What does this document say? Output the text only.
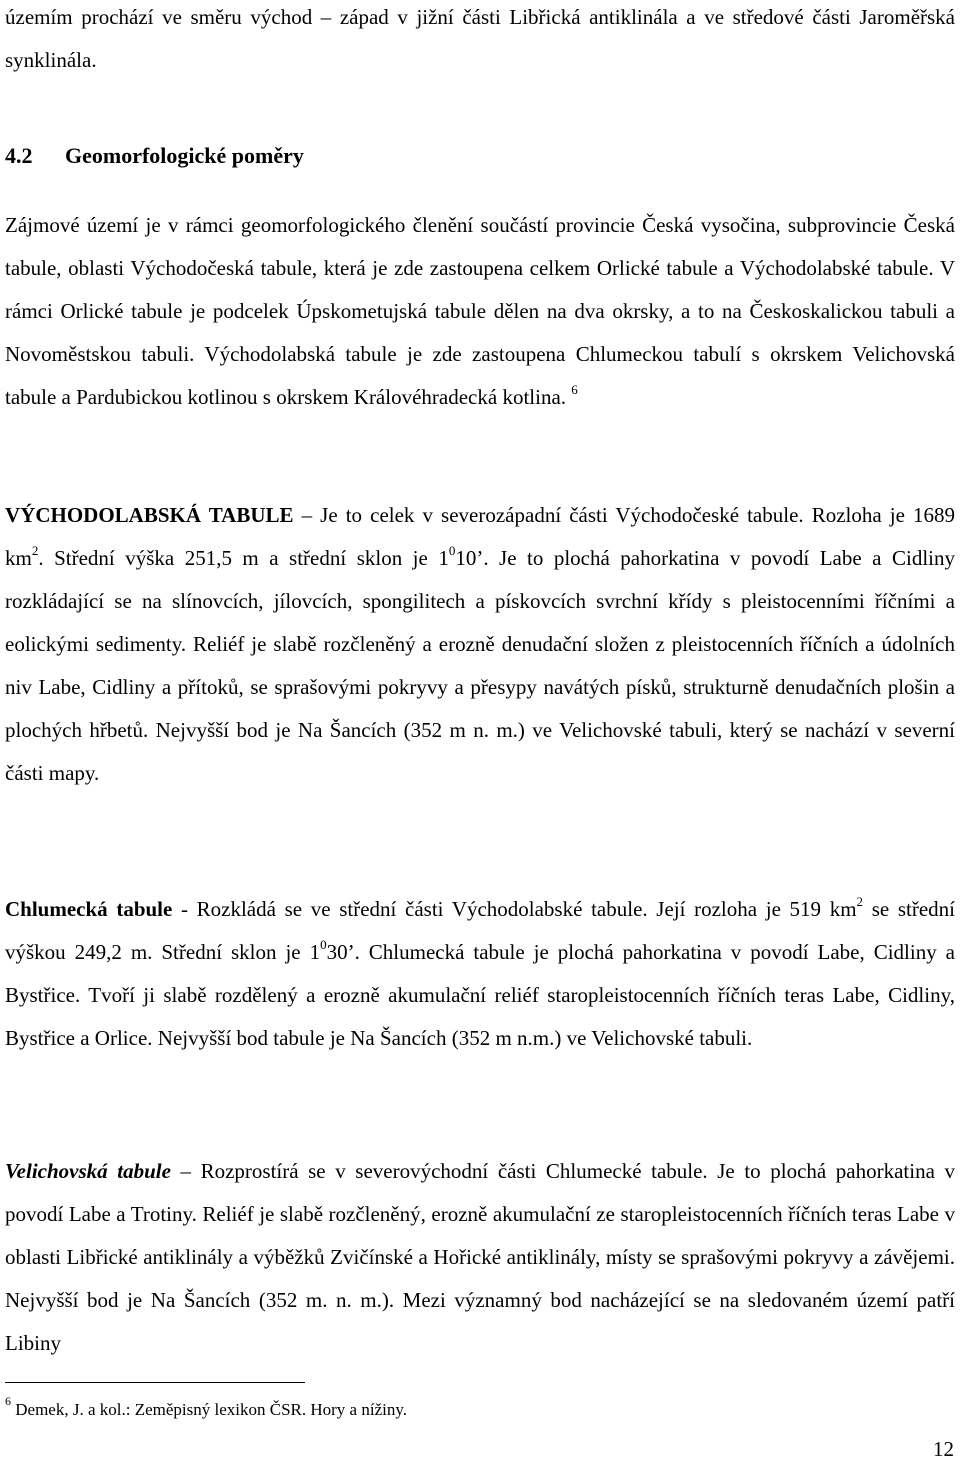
územím prochází ve směru východ – západ v jižní části Libřická antiklinála a ve středové části Jaroměřská synklinála.

4.2 Geomorfologické poměry

Zájmové území je v rámci geomorfologického členění součástí provincie Česká vysočina, subprovincie Česká tabule, oblasti Východočeská tabule, která je zde zastoupena celkem Orlické tabule a Východolabské tabule. V rámci Orlické tabule je podcelek Úpskometujská tabule dělen na dva okrsky, a to na Českoskalickou tabuli a Novoměstskou tabuli. Východolabská tabule je zde zastoupena Chlumeckou tabulí s okrskem Velichovská tabule a Pardubickou kotlinou s okrskem Královéhradecká kotlina. $^6$

VÝCHODOLABSKÁ TABULE – Je to celek v severozápadní části Východočeské tabule. Rozloha je 1689 $km^2$. Střední výška 251,5 m a střední sklon je $1^010$’. Je to plochá pahorkatina v povodí Labe a Cidliny rozkládající se na slínovcích, jílovcích, spongilitech a pískovcích svrchní křídy s pleistocenními říčními a eolickými sedimenty. Reliéf je slabě rozčleněný a erozně denudační složen z pleistocenních říčních a údolních niv Labe, Cidliny a přítoků, se sprašovými pokryvy a přesypy navátých písků, strukturně denudačních plošin a plochých hřbetů. Nejvyšší bod je Na Šancích (352 m n. m.) ve Velichovské tabuli, který se nachází v severní části mapy.

Chlumecká tabule - Rozkládá se ve střední části Východolabské tabule. Její rozloha je 519 $km^2$ se střední výškou 249,2 m. Střední sklon je $1^030$’. Chlumecká tabule je plochá pahorkatina v povodí Labe, Cidliny a Bystřice. Tvoří ji slabě rozdělený a erozně akumulační reliéf staropleistocenních říčních teras Labe, Cidliny, Bystřice a Orlice. Nejvyšší bod tabule je Na Šancích (352 m n.m.) ve Velichovské tabuli.

Velichovská tabule – Rozprostírá se v severovýchodní části Chlumecké tabule. Je to plochá pahorkatina v povodí Labe a Trotiny. Reliéf je slabě rozčleněný, erozně akumulační ze staropleistocenních říčních teras Labe v oblasti Libřické antiklinály a výběžků Zvičínské a Hořické antiklinály, místy se sprašovými pokryvy a závějemi. Nejvyšší bod je Na Šancích (352 m. n. m.). Mezi významný bod nacházející se na sledovaném území patří Libiny

$^6$ Demek, J. a kol.: Zeměpisný lexikon ČSR. Hory a nížiny.

12
